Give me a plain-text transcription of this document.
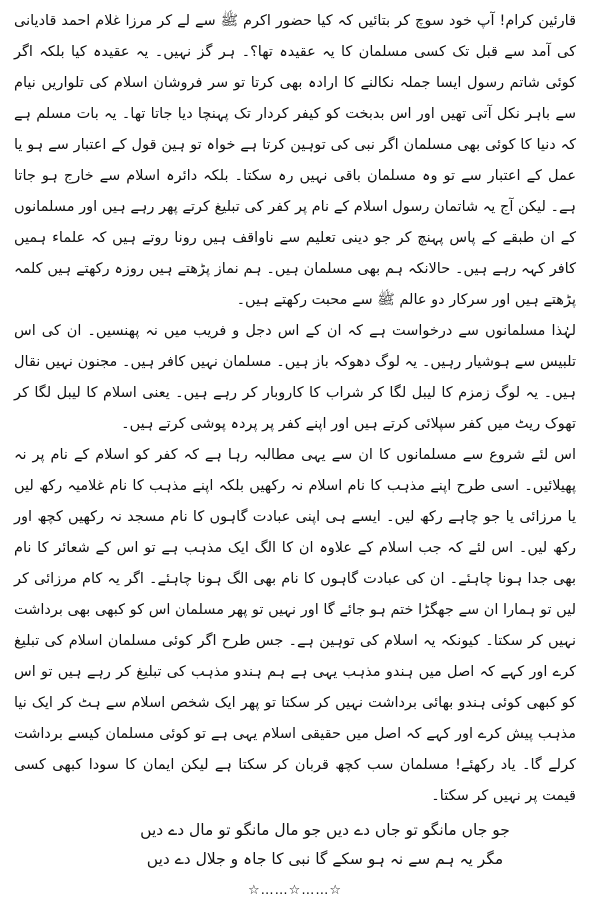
قارئین کرام! آپ خود سوچ کر بتائیں کہ کیا حضور اکرم ﷺ سے لے کر مرزا غلام احمد قادیانی کی آمد سے قبل تک کسی مسلمان کا یہ عقیدہ تھا؟۔ ہر گز نہیں۔ یہ عقیدہ کیا بلکہ اگر کوئی شاتم رسول ایسا جملہ نکالنے کا ارادہ بھی کرتا تو سر فروشان اسلام کی تلواریں نیام سے باہر نکل آتی تھیں اور اس بدبخت کو کیفر کردار تک پہنچا دیا جاتا تھا۔ یہ بات مسلم ہے کہ دنیا کا کوئی بھی مسلمان اگر نبی کی توہین کرتا ہے خواہ تو ہین قول کے اعتبار سے ہو یا عمل کے اعتبار سے تو وہ مسلمان باقی نہیں رہ سکتا۔ بلکہ دائرہ اسلام سے خارج ہو جاتا ہے۔ لیکن آج یہ شاتمان رسول اسلام کے نام پر کفر کی تبلیغ کرتے پھر رہے ہیں اور مسلمانوں کے ان طبقے کے پاس پہنچ کر جو دینی تعلیم سے ناواقف ہیں رونا روتے ہیں کہ علماء ہمیں کافر کہہ رہے ہیں۔ حالانکہ ہم بھی مسلمان ہیں۔ ہم نماز پڑھتے ہیں روزہ رکھتے ہیں کلمہ پڑھتے ہیں اور سرکار دو عالم ﷺ سے محبت رکھتے ہیں۔

لہٰذا مسلمانوں سے درخواست ہے کہ ان کے اس دجل و فریب میں نہ پھنسیں۔ ان کی اس تلبیس سے ہوشیار رہیں۔ یہ لوگ دھوکہ باز ہیں۔ مسلمان نہیں کافر ہیں۔ مجنون نہیں نقال ہیں۔ یہ لوگ زمزم کا لیبل لگا کر شراب کا کاروبار کر رہے ہیں۔ یعنی اسلام کا لیبل لگا کر تھوک ریٹ میں کفر سپلائی کرتے ہیں اور اپنے کفر پر پردہ پوشی کرتے ہیں۔

اس لئے شروع سے مسلمانوں کا ان سے یہی مطالبہ رہا ہے کہ کفر کو اسلام کے نام پر نہ پھیلائیں۔ اسی طرح اپنے مذہب کا نام اسلام نہ رکھیں بلکہ اپنے مذہب کا نام غلامیہ رکھ لیں یا مرزائی یا جو چاہے رکھ لیں۔ ایسے ہی اپنی عبادت گاہوں کا نام مسجد نہ رکھیں کچھ اور رکھ لیں۔ اس لئے کہ جب اسلام کے علاوہ ان کا الگ ایک مذہب ہے تو اس کے شعائر کا نام بھی جدا ہونا چاہئے۔ ان کی عبادت گاہوں کا نام بھی الگ ہونا چاہئے۔ اگر یہ کام مرزائی کر لیں تو ہمارا ان سے جھگڑا ختم ہو جائے گا اور نہیں تو پھر مسلمان اس کو کبھی بھی برداشت نہیں کر سکتا۔ کیونکہ یہ اسلام کی توہین ہے۔ جس طرح اگر کوئی مسلمان اسلام کی تبلیغ کرے اور کہے کہ اصل میں ہندو مذہب یہی ہے ہم ہندو مذہب کی تبلیغ کر رہے ہیں تو اس کو کبھی کوئی ہندو بھائی برداشت نہیں کر سکتا تو پھر ایک شخص اسلام سے ہٹ کر ایک نیا مذہب پیش کرے اور کہے کہ اصل میں حقیقی اسلام یہی ہے تو کوئی مسلمان کیسے برداشت کرلے گا۔ یاد رکھئے! مسلمان سب کچھ قربان کر سکتا ہے لیکن ایمان کا سودا کبھی کسی قیمت پر نہیں کر سکتا۔

جو جاں مانگو تو جاں دے دیں جو مال مانگو تو مال دے دیں
مگر یہ ہم سے نہ ہو سکے گا نبی کا جاہ و جلال دے دیں
☆……☆……☆
